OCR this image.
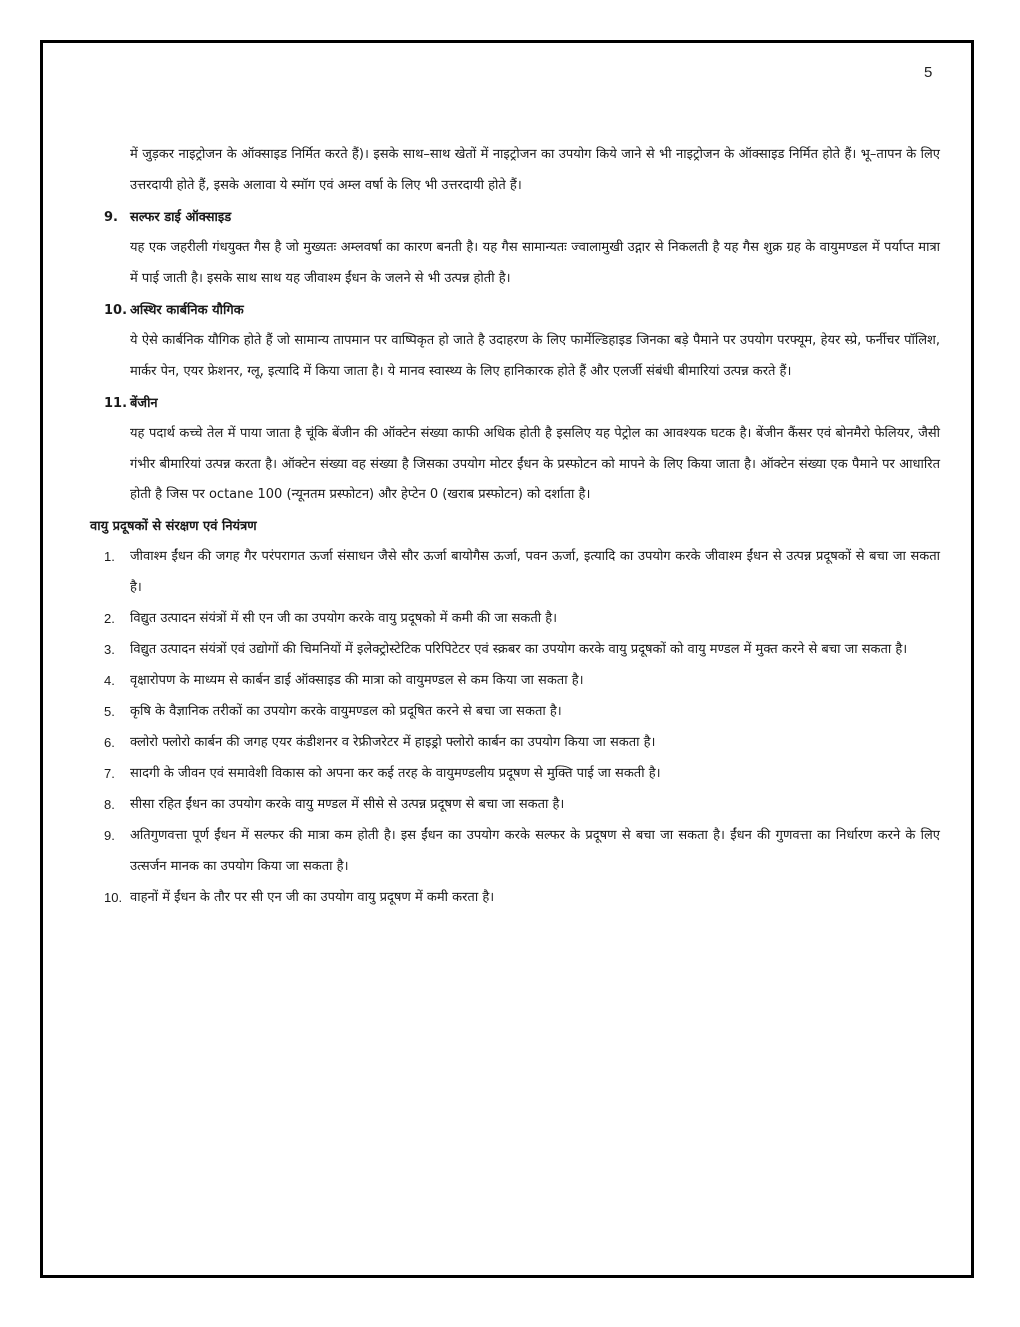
5

में जुड़कर नाइट्रोजन के ऑक्साइड निर्मित करते हैं)। इसके साथ–साथ खेतों में नाइट्रोजन का उपयोग किये जाने से भी नाइट्रोजन के ऑक्साइड निर्मित होते हैं। भू–तापन के लिए उत्तरदायी होते हैं, इसके अलावा ये स्मॉग एवं अम्ल वर्षा के लिए भी उत्तरदायी होते हैं।

9. सल्फर डाई ऑक्साइड

यह एक जहरीली गंधयुक्त गैस है जो मुख्यतः अम्लवर्षा का कारण बनती है। यह गैस सामान्यतः ज्वालामुखी उद्गार से निकलती है यह गैस शुक्र ग्रह के वायुमण्डल में पर्याप्त मात्रा में पाई जाती है। इसके साथ साथ यह जीवाश्म ईंधन के जलने से भी उत्पन्न होती है।

10. अस्थिर कार्बनिक यौगिक

ये ऐसे कार्बनिक यौगिक होते हैं जो सामान्य तापमान पर वाष्पिकृत हो जाते है उदाहरण के लिए फार्मेल्डिहाइड जिनका बड़े पैमाने पर उपयोग परफ्यूम, हेयर स्प्रे, फर्नीचर पॉलिश, मार्कर पेन, एयर फ्रेशनर, ग्लू, इत्यादि में किया जाता है। ये मानव स्वास्थ्य के लिए हानिकारक होते हैं और एलर्जी संबंधी बीमारियां उत्पन्न करते हैं।

11. बेंजीन

यह पदार्थ कच्चे तेल में पाया जाता है चूंकि बेंजीन की ऑक्टेन संख्या काफी अधिक होती है इसलिए यह पेट्रोल का आवश्यक घटक है। बेंजीन कैंसर एवं बोनमैरो फेलियर, जैसी गंभीर बीमारियां उत्पन्न करता है। ऑक्टेन संख्या वह संख्या है जिसका उपयोग मोटर ईंधन के प्रस्फोटन को मापने के लिए किया जाता है। ऑक्टेन संख्या एक पैमाने पर आधारित होती है जिस पर octane 100 (न्यूनतम प्रस्फोटन) और हेप्टेन 0 (खराब प्रस्फोटन) को दर्शाता है।

वायु प्रदूषकों से संरक्षण एवं नियंत्रण
1.	जीवाश्म ईंधन की जगह गैर परंपरागत ऊर्जा संसाधन जैसे सौर ऊर्जा बायोगैस ऊर्जा, पवन ऊर्जा, इत्यादि का उपयोग करके जीवाश्म ईंधन से उत्पन्न प्रदूषकों से बचा जा सकता है।
2.	विद्युत उत्पादन संयंत्रों में सी एन जी का उपयोग करके वायु प्रदूषको में कमी की जा सकती है।
3.	विद्युत उत्पादन संयंत्रों एवं उद्योगों की चिमनियों में इलेक्ट्रोस्टेटिक परिपिटेटर एवं स्क्रबर का उपयोग करके वायु प्रदूषकों को वायु मण्डल में मुक्त करने से बचा जा सकता है।
4.	वृक्षारोपण के माध्यम से कार्बन डाई ऑक्साइड की मात्रा को वायुमण्डल से कम किया जा सकता है।
5.	कृषि के वैज्ञानिक तरीकों का उपयोग करके वायुमण्डल को प्रदूषित करने से बचा जा सकता है।
6.	क्लोरो फ्लोरो कार्बन की जगह एयर कंडीशनर व रेफ्रीजरेटर में हाइड्रो फ्लोरो कार्बन का उपयोग किया जा सकता है।
7.	सादगी के जीवन एवं समावेशी विकास को अपना कर कई तरह के वायुमण्डलीय प्रदूषण से मुक्ति पाई जा सकती है।
8.	सीसा रहित ईंधन का उपयोग करके वायु मण्डल में सीसे से उत्पन्न प्रदूषण से बचा जा सकता है।
9.	अतिगुणवत्ता पूर्ण ईंधन में सल्फर की मात्रा कम होती है। इस ईंधन का उपयोग करके सल्फर के प्रदूषण से बचा जा सकता है। ईंधन की गुणवत्ता का निर्धारण करने के लिए उत्सर्जन मानक का उपयोग किया जा सकता है।
10. वाहनों में ईंधन के तौर पर सी एन जी का उपयोग वायु प्रदूषण में कमी करता है।
